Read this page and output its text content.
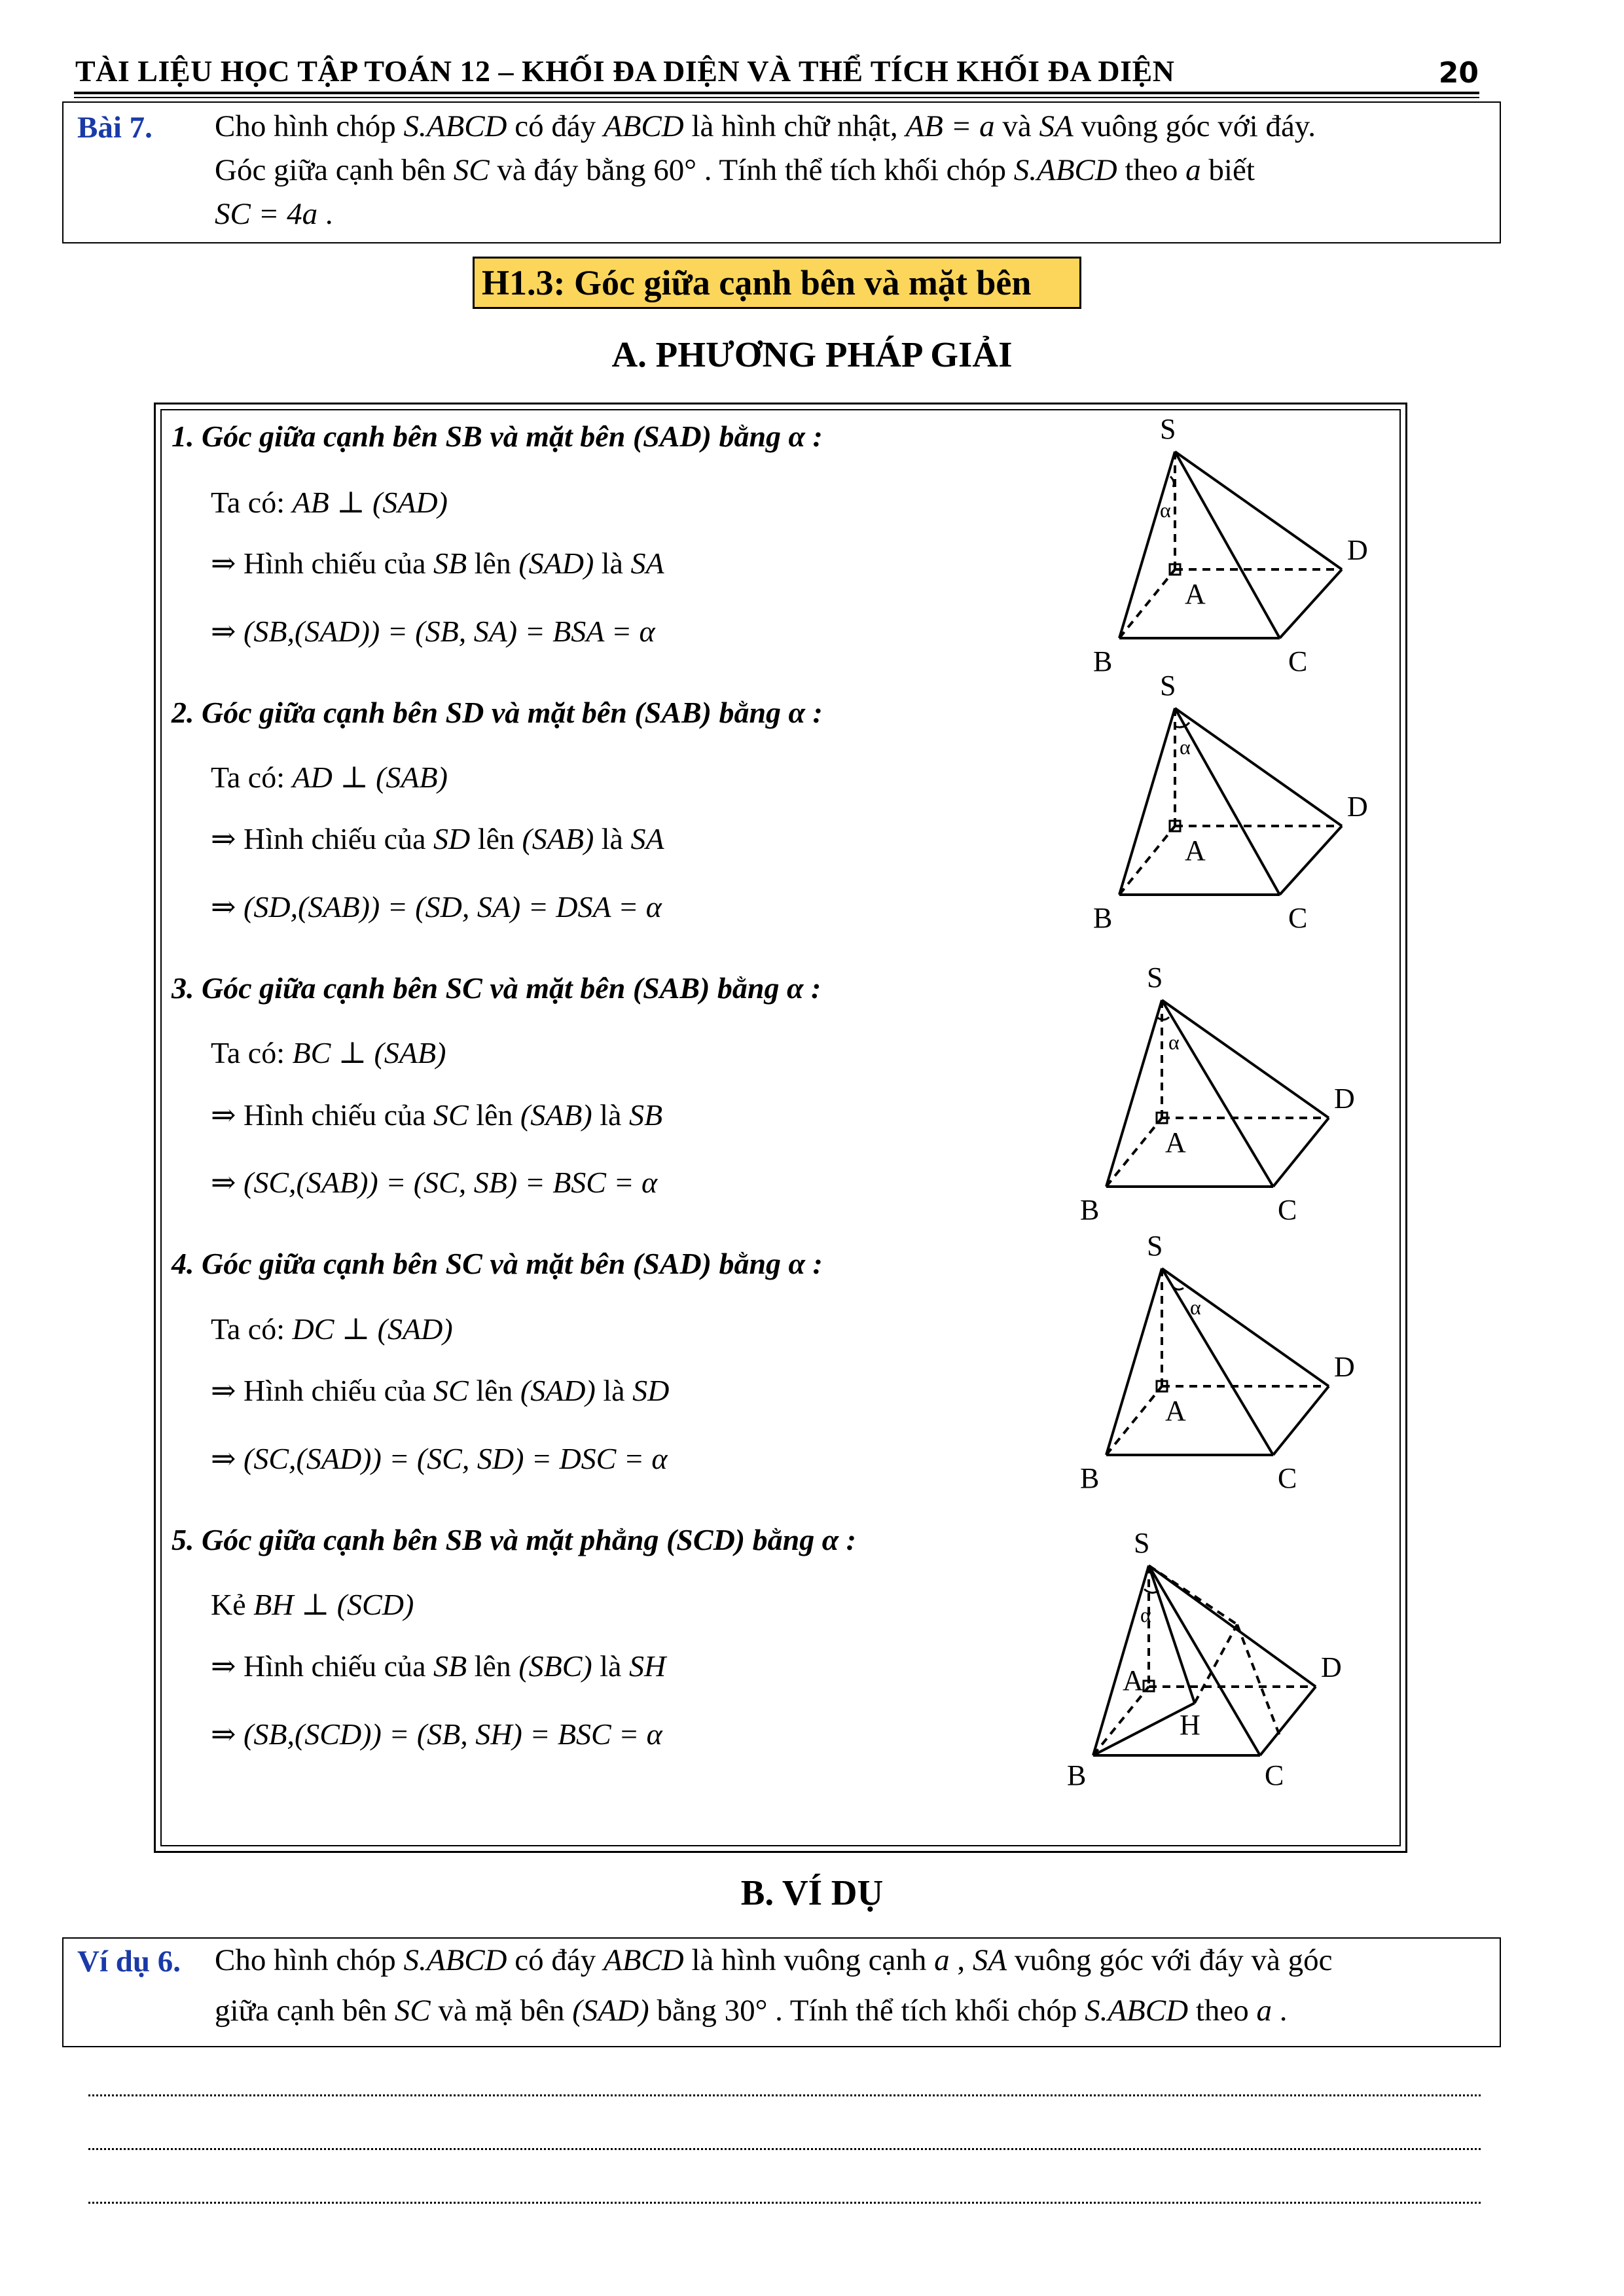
TÀI LIỆU HỌC TẬP TOÁN 12 – KHỐI ĐA DIỆN VÀ THỂ TÍCH KHỐI ĐA DIỆN	20
Bài 7. Cho hình chóp S.ABCD có đáy ABCD là hình chữ nhật, AB = a và SA vuông góc với đáy.
Góc giữa cạnh bên SC và đáy bằng 60° . Tính thể tích khối chóp S.ABCD theo a biết
SC = 4a .
H1.3: Góc giữa cạnh bên và mặt bên
A. PHƯƠNG PHÁP GIẢI
1. Góc giữa cạnh bên SB và mặt bên (SAD) bằng α :
Ta có: AB ⊥ (SAD)
⇒ Hình chiếu của SB lên (SAD) là SA
⇒ (SB,(SAD)) = (SB, SA) = BSA = α
2. Góc giữa cạnh bên SD và mặt bên (SAB) bằng α :
Ta có: AD ⊥ (SAB)
⇒ Hình chiếu của SD lên (SAB) là SA
⇒ (SD,(SAB)) = (SD, SA) = DSA = α
3. Góc giữa cạnh bên SC và mặt bên (SAB) bằng α :
Ta có: BC ⊥ (SAB)
⇒ Hình chiếu của SC lên (SAB) là SB
⇒ (SC,(SAB)) = (SC, SB) = BSC = α
4. Góc giữa cạnh bên SC và mặt bên (SAD) bằng α :
Ta có: DC ⊥ (SAD)
⇒ Hình chiếu của SC lên (SAD) là SD
⇒ (SC,(SAD)) = (SC, SD) = DSC = α
5. Góc giữa cạnh bên SB và mặt phẳng (SCD) bằng α :
Kẻ BH ⊥ (SCD)
⇒ Hình chiếu của SB lên (SBC) là SH
⇒ (SB,(SCD)) = (SB, SH) = BSC = α
S
A
B	C
D
α
S
A
B	C
D
α
S
A
B	C
D
α
S
A
B	C
D
α
S
A
B	C
D
H
α
B. VÍ DỤ
Ví dụ 6. Cho hình chóp S.ABCD có đáy ABCD là hình vuông cạnh a , SA vuông góc với đáy và góc
giữa cạnh bên SC và mặ bên (SAD) bằng 30° . Tính thể tích khối chóp S.ABCD theo a .
